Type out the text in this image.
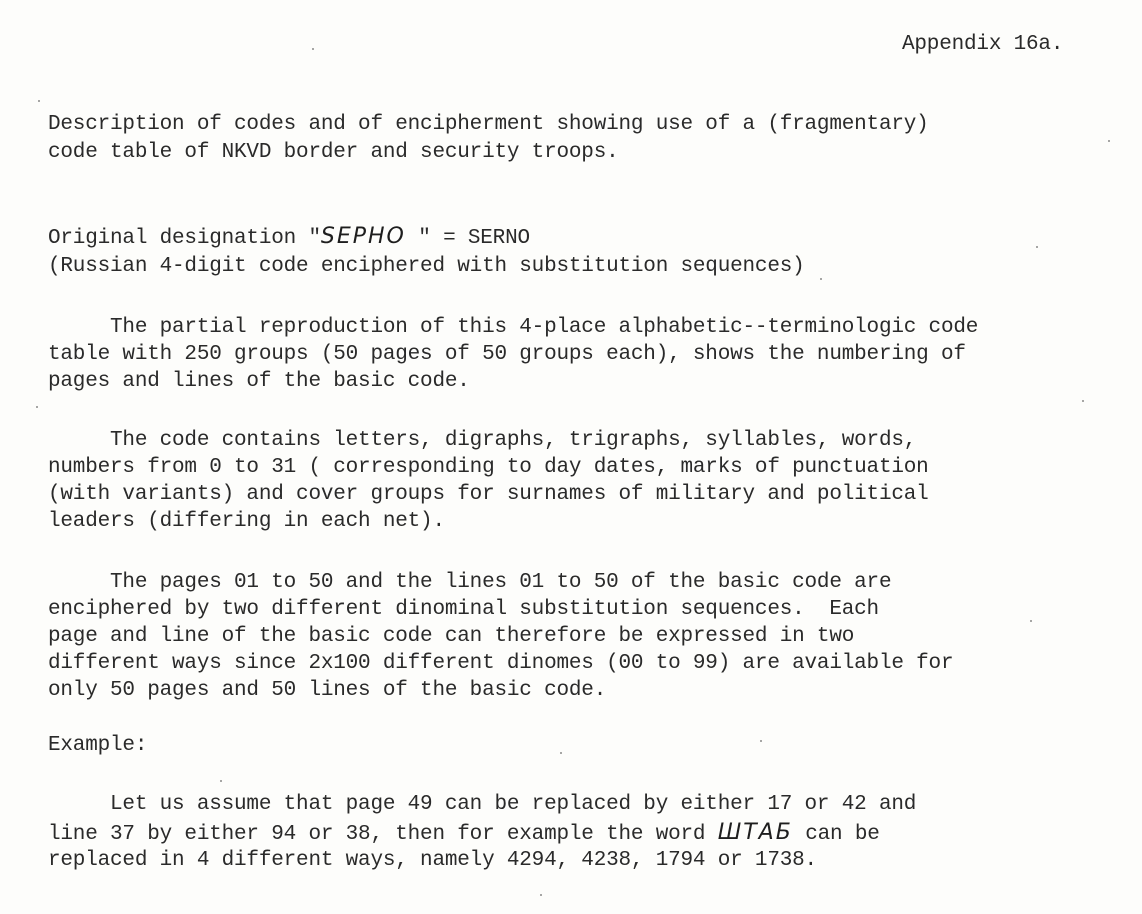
Appendix 16a.
Description of codes and of encipherment showing use of a (fragmentary)
code table of NKVD border and security troops.
Original designation "SEPHO " = SERNO
(Russian 4-digit code enciphered with substitution sequences)
The partial reproduction of this 4-place alphabetic--terminologic code
table with 250 groups (50 pages of 50 groups each), shows the numbering of
pages and lines of the basic code.
The code contains letters, digraphs, trigraphs, syllables, words,
numbers from 0 to 31 ( corresponding to day dates, marks of punctuation
(with variants) and cover groups for surnames of military and political
leaders (differing in each net).
The pages 01 to 50 and the lines 01 to 50 of the basic code are
enciphered by two different dinominal substitution sequences.  Each
page and line of the basic code can therefore be expressed in two
different ways since 2x100 different dinomes (00 to 99) are available for
only 50 pages and 50 lines of the basic code.
Example:
Let us assume that page 49 can be replaced by either 17 or 42 and
line 37 by either 94 or 38, then for example the word ШТАБ can be
replaced in 4 different ways, namely 4294, 4238, 1794 or 1738.
